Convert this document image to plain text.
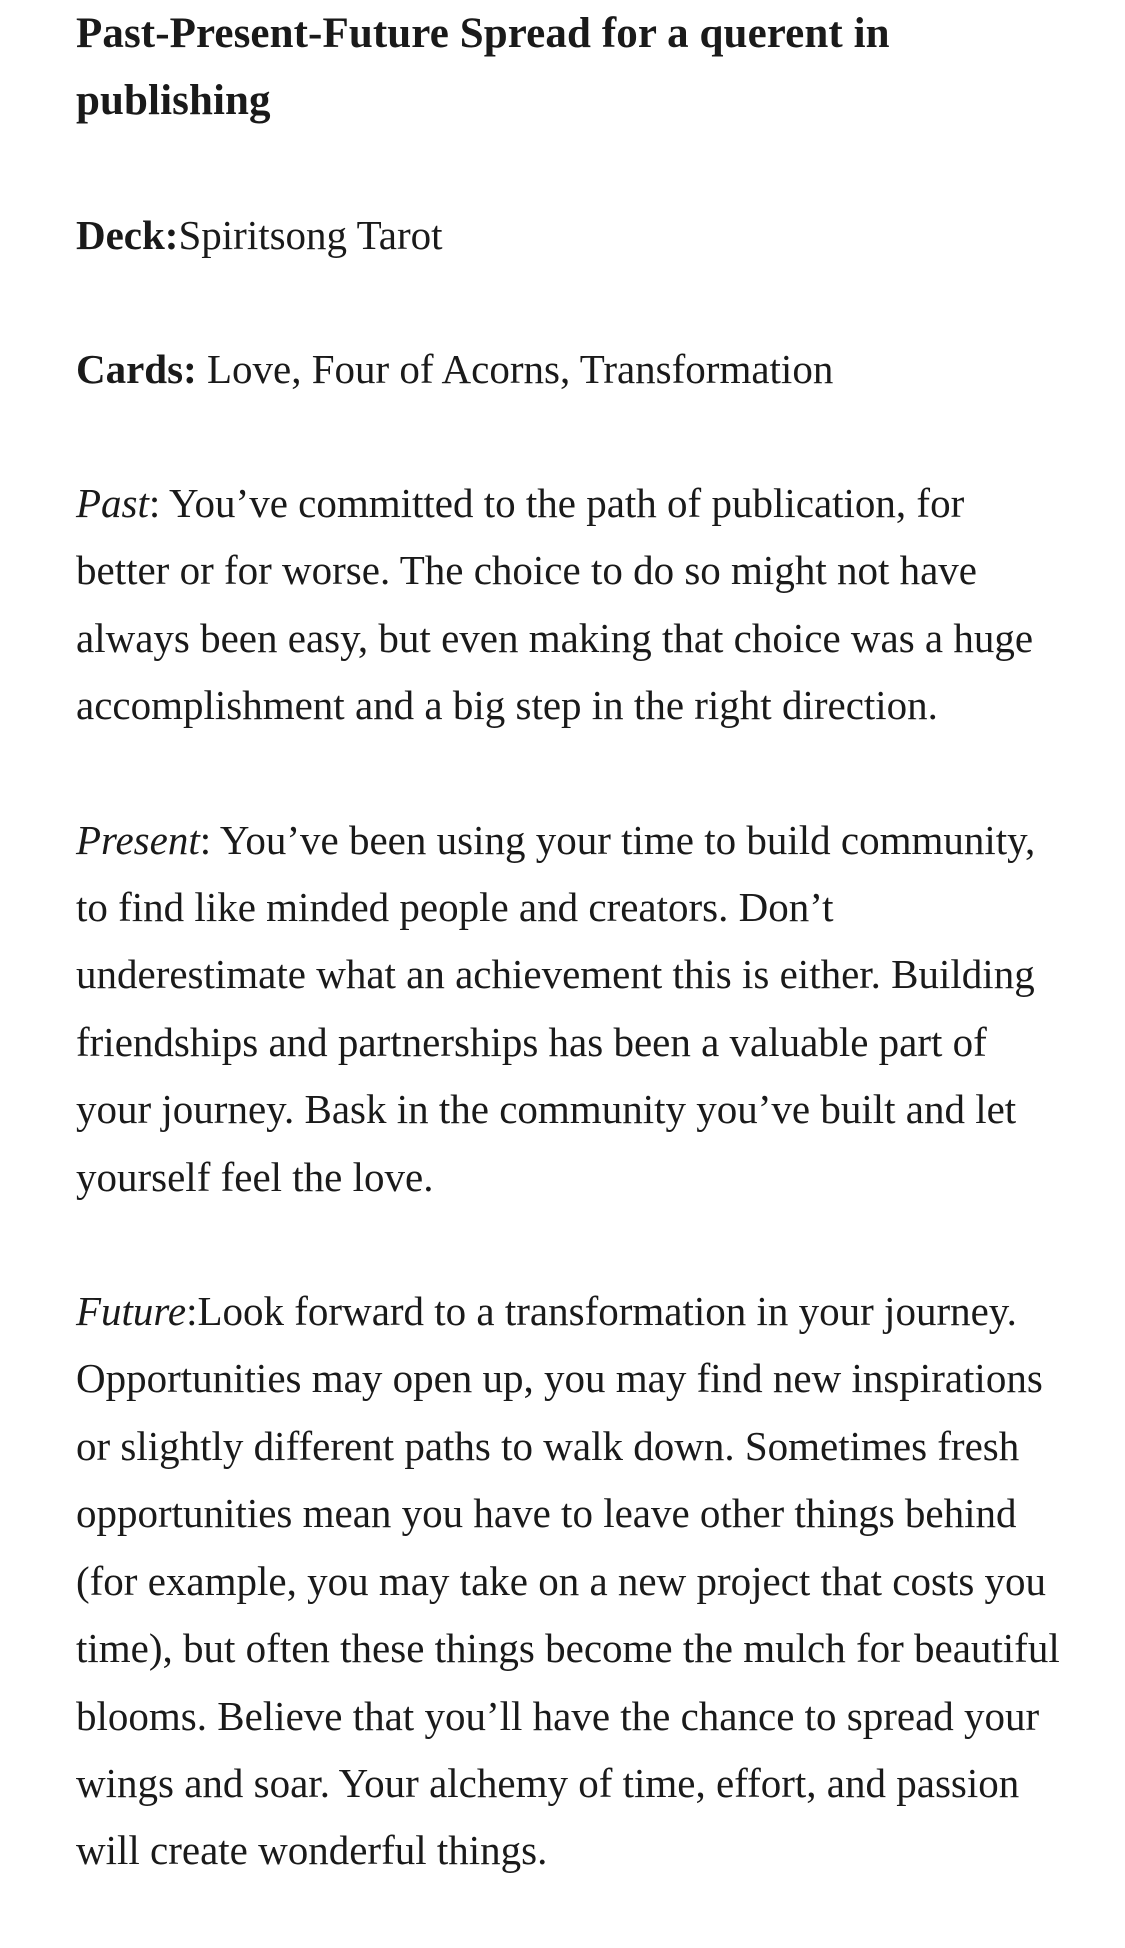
Past-Present-Future Spread for a querent in publishing

Deck:Spiritsong Tarot

Cards: Love, Four of Acorns, Transformation

Past: You’ve committed to the path of publication, for better or for worse. The choice to do so might not have always been easy, but even making that choice was a huge accomplishment and a big step in the right direction.

Present: You’ve been using your time to build community, to find like minded people and creators. Don’t underestimate what an achievement this is either. Building friendships and partnerships has been a valuable part of your journey. Bask in the community you’ve built and let yourself feel the love.

Future:Look forward to a transformation in your journey. Opportunities may open up, you may find new inspirations or slightly different paths to walk down. Sometimes fresh opportunities mean you have to leave other things behind (for example, you may take on a new project that costs you time), but often these things become the mulch for beautiful blooms. Believe that you’ll have the chance to spread your wings and soar. Your alchemy of time, effort, and passion will create wonderful things.
